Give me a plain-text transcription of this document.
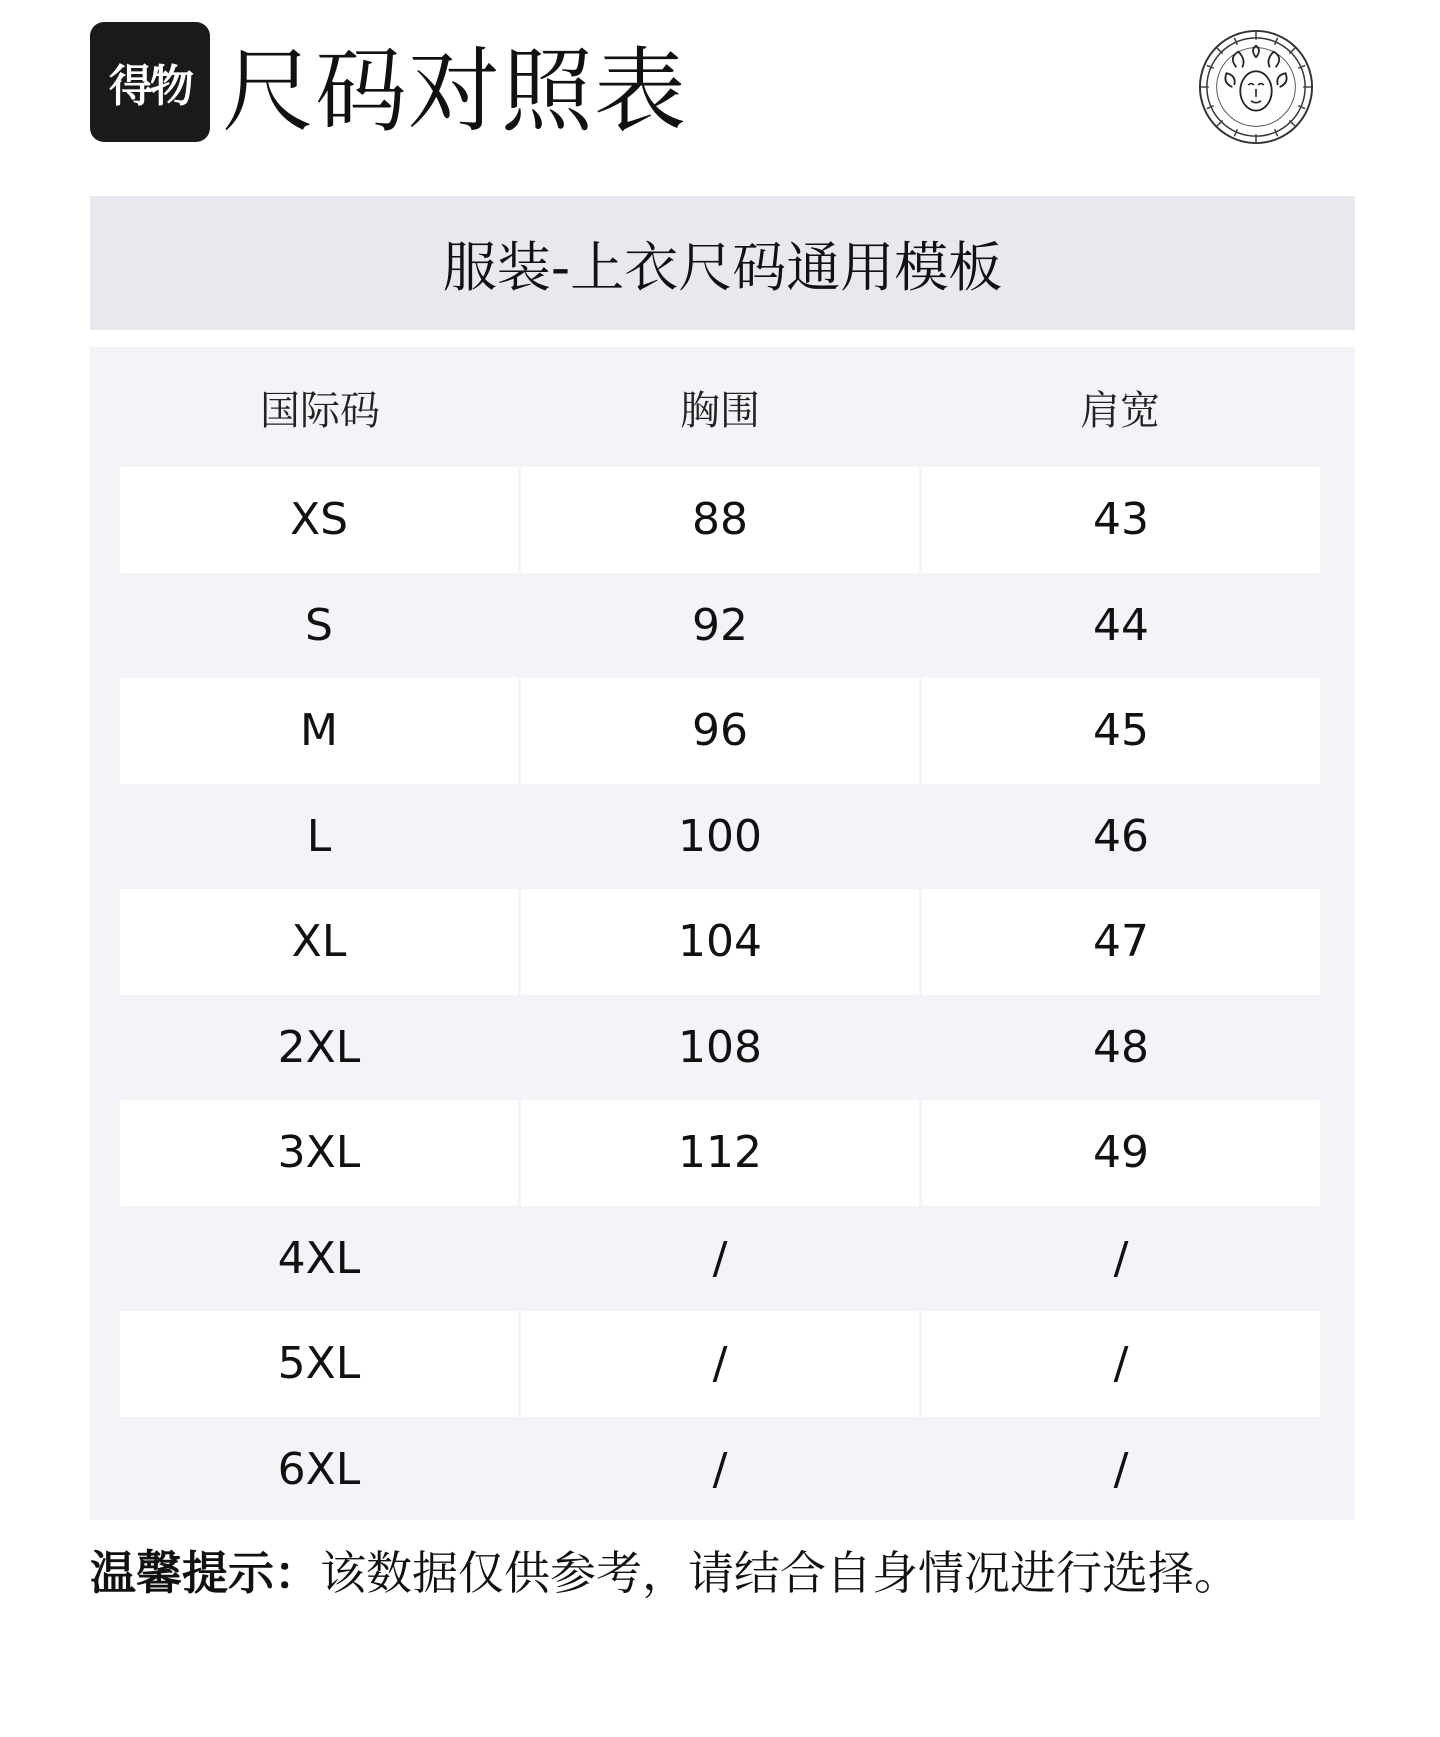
得物 尺码对照表
服装-上衣尺码通用模板
国际码	胸围	肩宽
XS	88	43
S	92	44
M	96	45
L	100	46
XL	104	47
2XL	108	48
3XL	112	49
4XL	/	/
5XL	/	/
6XL	/	/
温馨提示：该数据仅供参考，请结合自身情况进行选择。
